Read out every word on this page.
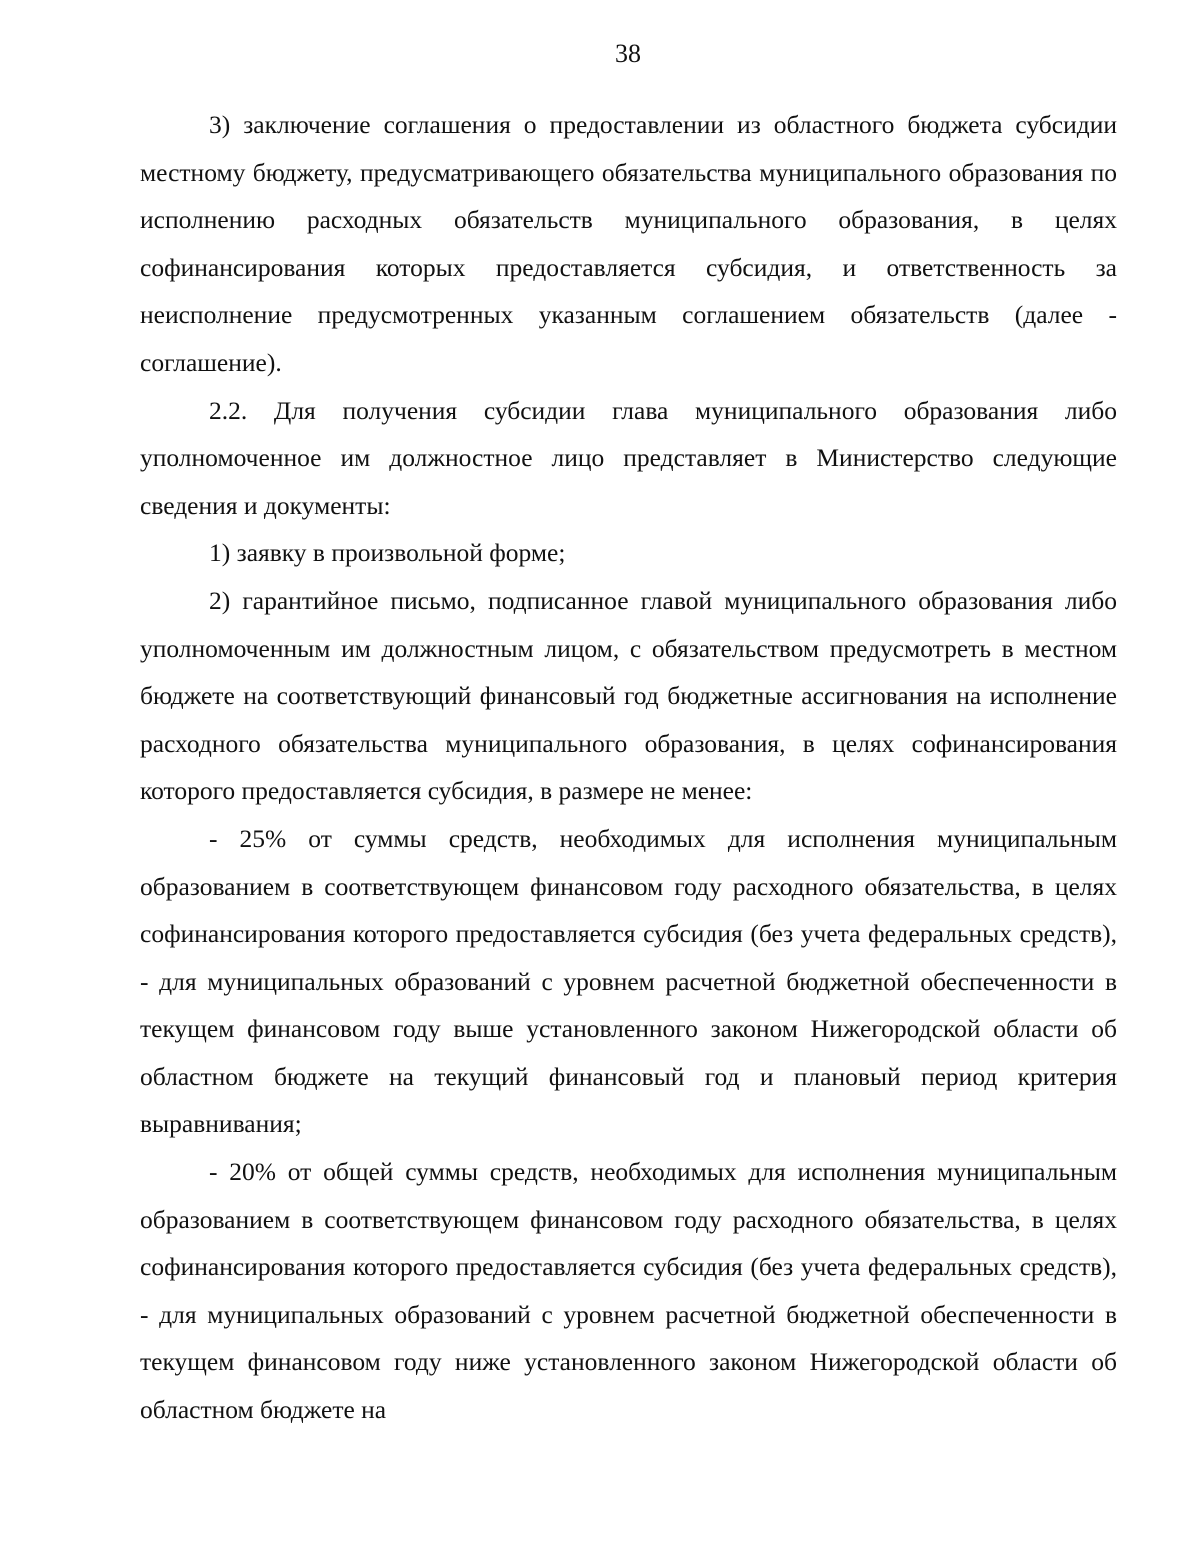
38

3) заключение соглашения о предоставлении из областного бюджета субсидии местному бюджету, предусматривающего обязательства муниципального образования по исполнению расходных обязательств муниципального образования, в целях софинансирования которых предоставляется субсидия, и ответственность за неисполнение предусмотренных указанным соглашением обязательств (далее - соглашение).

2.2. Для получения субсидии глава муниципального образования либо уполномоченное им должностное лицо представляет в Министерство следующие сведения и документы:

1) заявку в произвольной форме;

2) гарантийное письмо, подписанное главой муниципального образования либо уполномоченным им должностным лицом, с обязательством предусмотреть в местном бюджете на соответствующий финансовый год бюджетные ассигнования на исполнение расходного обязательства муниципального образования, в целях софинансирования которого предоставляется субсидия, в размере не менее:

- 25% от суммы средств, необходимых для исполнения муниципальным образованием в соответствующем финансовом году расходного обязательства, в целях софинансирования которого предоставляется субсидия (без учета федеральных средств), - для муниципальных образований с уровнем расчетной бюджетной обеспеченности в текущем финансовом году выше установленного законом Нижегородской области об областном бюджете на текущий финансовый год и плановый период критерия выравнивания;

- 20% от общей суммы средств, необходимых для исполнения муниципальным образованием в соответствующем финансовом году расходного обязательства, в целях софинансирования которого предоставляется субсидия (без учета федеральных средств), - для муниципальных образований с уровнем расчетной бюджетной обеспеченности в текущем финансовом году ниже установленного законом Нижегородской области об областном бюджете на
